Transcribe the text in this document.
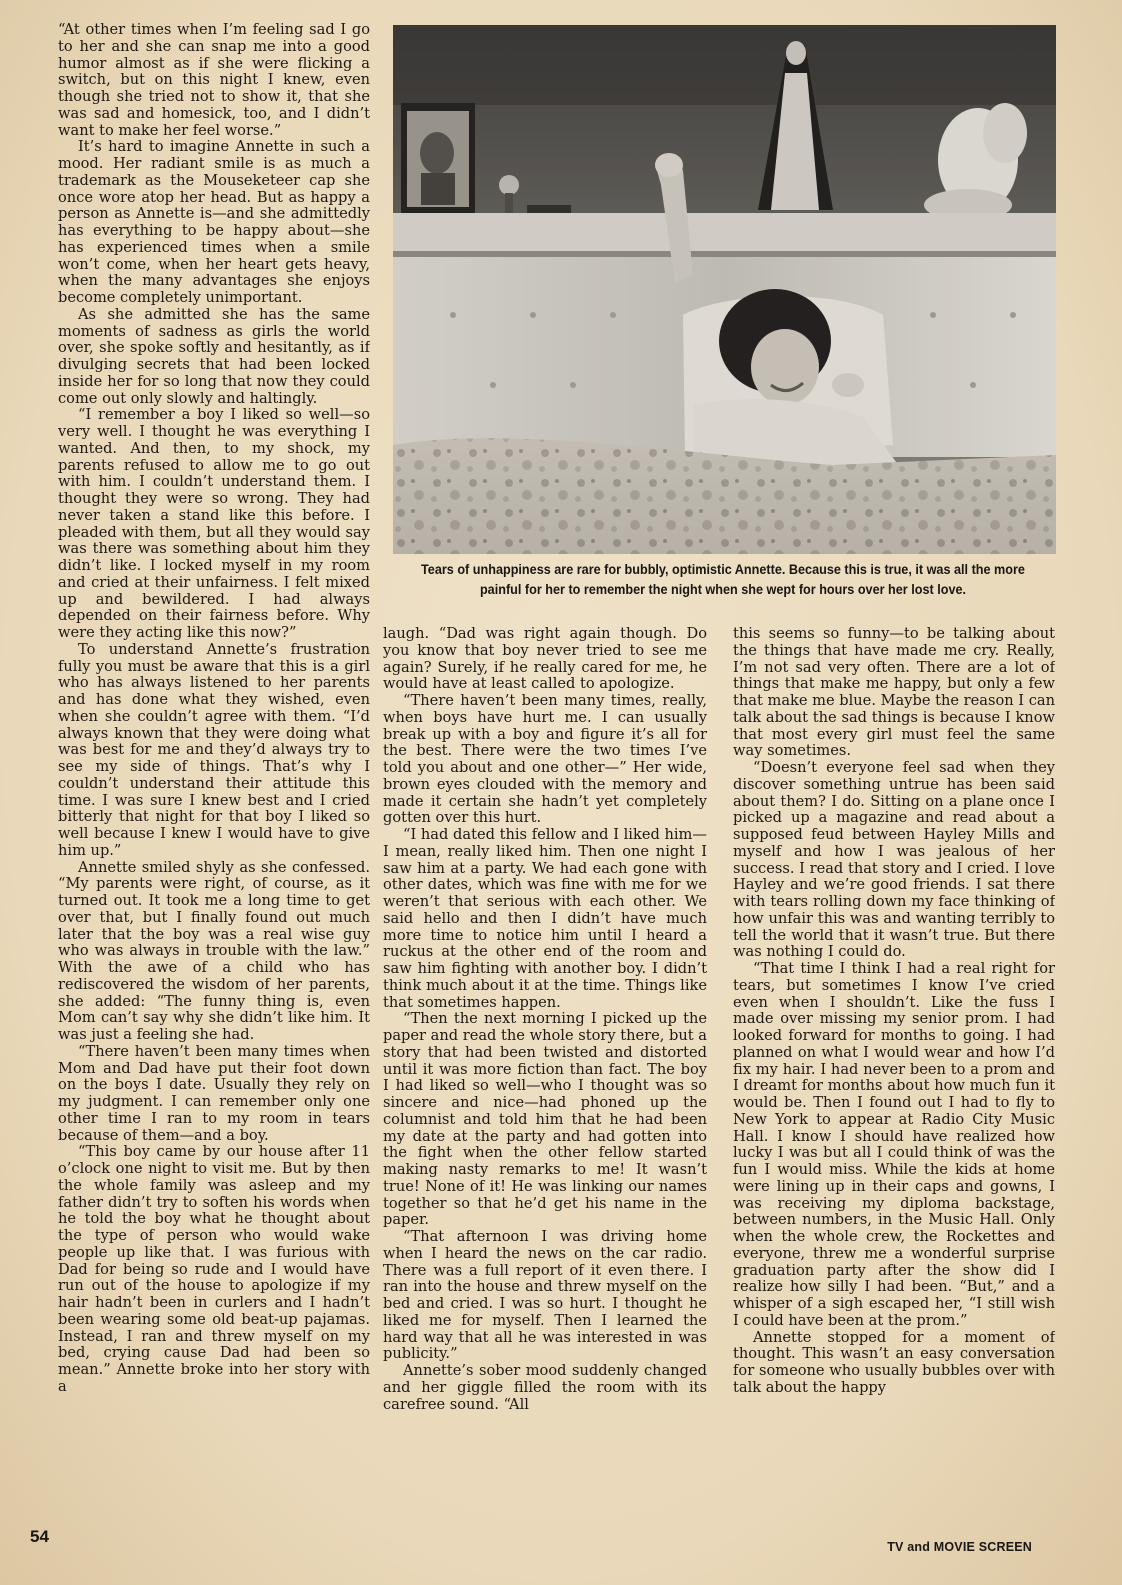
“At other times when I’m feeling sad I go to her and she can snap me into a good humor almost as if she were flicking a switch, but on this night I knew, even though she tried not to show it, that she was sad and homesick, too, and I didn’t want to make her feel worse.”

It’s hard to imagine Annette in such a mood. Her radiant smile is as much a trademark as the Mouseketeer cap she once wore atop her head. But as happy a person as Annette is—and she admittedly has everything to be happy about—she has experienced times when a smile won’t come, when her heart gets heavy, when the many advantages she enjoys become completely unimportant.

As she admitted she has the same moments of sadness as girls the world over, she spoke softly and hesitantly, as if divulging secrets that had been locked inside her for so long that now they could come out only slowly and haltingly.

“I remember a boy I liked so well—so very well. I thought he was everything I wanted. And then, to my shock, my parents refused to allow me to go out with him. I couldn’t understand them. I thought they were so wrong. They had never taken a stand like this before. I pleaded with them, but all they would say was there was something about him they didn’t like. I locked myself in my room and cried at their unfairness. I felt mixed up and bewildered. I had always depended on their fairness before. Why were they acting like this now?”

To understand Annette’s frustration fully you must be aware that this is a girl who has always listened to her parents and has done what they wished, even when she couldn’t agree with them. “I’d always known that they were doing what was best for me and they’d always try to see my side of things. That’s why I couldn’t understand their attitude this time. I was sure I knew best and I cried bitterly that night for that boy I liked so well because I knew I would have to give him up.”

Annette smiled shyly as she confessed. “My parents were right, of course, as it turned out. It took me a long time to get over that, but I finally found out much later that the boy was a real wise guy who was always in trouble with the law.” With the awe of a child who has rediscovered the wisdom of her parents, she added: “The funny thing is, even Mom can’t say why she didn’t like him. It was just a feeling she had.

“There haven’t been many times when Mom and Dad have put their foot down on the boys I date. Usually they rely on my judgment. I can remember only one other time I ran to my room in tears because of them—and a boy.

“This boy came by our house after 11 o’clock one night to visit me. But by then the whole family was asleep and my father didn’t try to soften his words when he told the boy what he thought about the type of person who would wake people up like that. I was furious with Dad for being so rude and I would have run out of the house to apologize if my hair hadn’t been in curlers and I hadn’t been wearing some old beat-up pajamas. Instead, I ran and threw myself on my bed, crying cause Dad had been so mean.” Annette broke into her story with a

Tears of unhappiness are rare for bubbly, optimistic Annette. Because this is true, it was all the more painful for her to remember the night when she wept for hours over her lost love.

laugh. “Dad was right again though. Do you know that boy never tried to see me again? Surely, if he really cared for me, he would have at least called to apologize.

“There haven’t been many times, really, when boys have hurt me. I can usually break up with a boy and figure it’s all for the best. There were the two times I’ve told you about and one other—” Her wide, brown eyes clouded with the memory and made it certain she hadn’t yet completely gotten over this hurt.

“I had dated this fellow and I liked him—I mean, really liked him. Then one night I saw him at a party. We had each gone with other dates, which was fine with me for we weren’t that serious with each other. We said hello and then I didn’t have much more time to notice him until I heard a ruckus at the other end of the room and saw him fighting with another boy. I didn’t think much about it at the time. Things like that sometimes happen.

“Then the next morning I picked up the paper and read the whole story there, but a story that had been twisted and distorted until it was more fiction than fact. The boy I had liked so well—who I thought was so sincere and nice—had phoned up the columnist and told him that he had been my date at the party and had gotten into the fight when the other fellow started making nasty remarks to me! It wasn’t true! None of it! He was linking our names together so that he’d get his name in the paper.

“That afternoon I was driving home when I heard the news on the car radio. There was a full report of it even there. I ran into the house and threw myself on the bed and cried. I was so hurt. I thought he liked me for myself. Then I learned the hard way that all he was interested in was publicity.”

Annette’s sober mood suddenly changed and her giggle filled the room with its carefree sound. “All

this seems so funny—to be talking about the things that have made me cry. Really, I’m not sad very often. There are a lot of things that make me happy, but only a few that make me blue. Maybe the reason I can talk about the sad things is because I know that most every girl must feel the same way sometimes.

“Doesn’t everyone feel sad when they discover something untrue has been said about them? I do. Sitting on a plane once I picked up a magazine and read about a supposed feud between Hayley Mills and myself and how I was jealous of her success. I read that story and I cried. I love Hayley and we’re good friends. I sat there with tears rolling down my face thinking of how unfair this was and wanting terribly to tell the world that it wasn’t true. But there was nothing I could do.

“That time I think I had a real right for tears, but sometimes I know I’ve cried even when I shouldn’t. Like the fuss I made over missing my senior prom. I had looked forward for months to going. I had planned on what I would wear and how I’d fix my hair. I had never been to a prom and I dreamt for months about how much fun it would be. Then I found out I had to fly to New York to appear at Radio City Music Hall. I know I should have realized how lucky I was but all I could think of was the fun I would miss. While the kids at home were lining up in their caps and gowns, I was receiving my diploma backstage, between numbers, in the Music Hall. Only when the whole crew, the Rockettes and everyone, threw me a wonderful surprise graduation party after the show did I realize how silly I had been. “But,” and a whisper of a sigh escaped her, “I still wish I could have been at the prom.”

Annette stopped for a moment of thought. This wasn’t an easy conversation for someone who usually bubbles over with talk about the happy

54
TV and MOVIE SCREEN
